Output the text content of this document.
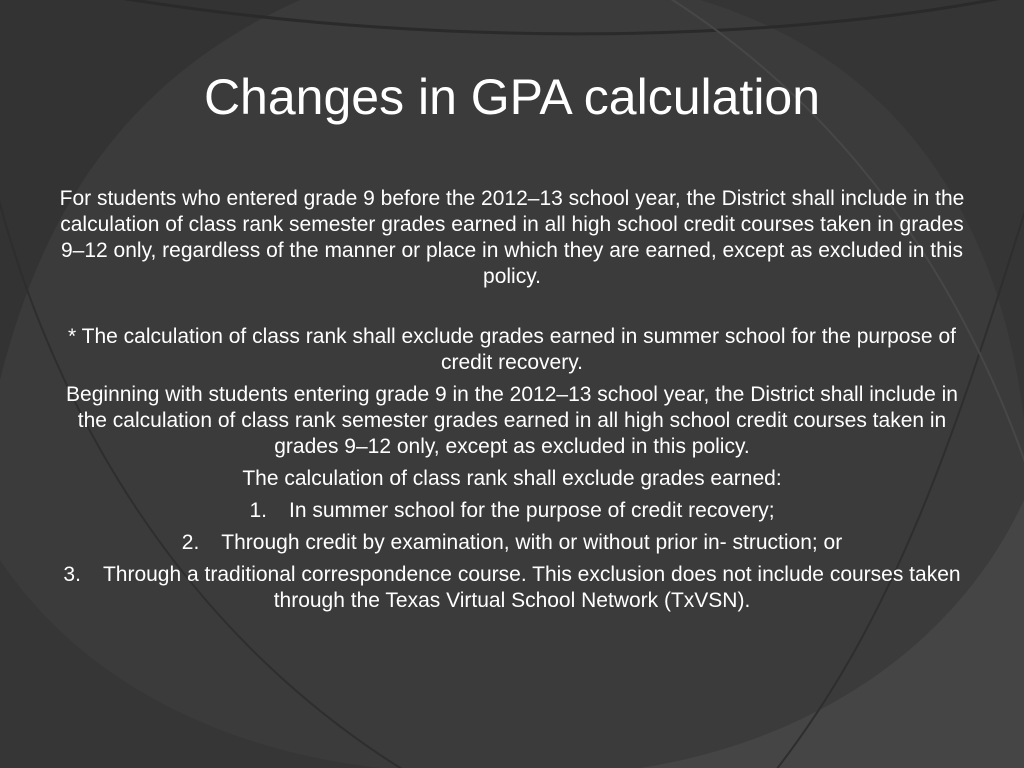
Changes in GPA calculation

For students who entered grade 9 before the 2012–13 school year, the District shall include in the calculation of class rank semester grades earned in all high school credit courses taken in grades 9–12 only, regardless of the manner or place in which they are earned, except as excluded in this policy.

* The calculation of class rank shall exclude grades earned in summer school for the purpose of credit recovery.

Beginning with students entering grade 9 in the 2012–13 school year, the District shall include in the calculation of class rank semester grades earned in all high school credit courses taken in grades 9–12 only, except as excluded in this policy.

The calculation of class rank shall exclude grades earned:

1. In summer school for the purpose of credit recovery;
2. Through credit by examination, with or without prior in- struction; or
3. Through a traditional correspondence course. This exclusion does not include courses taken through the Texas Virtual School Network (TxVSN).
